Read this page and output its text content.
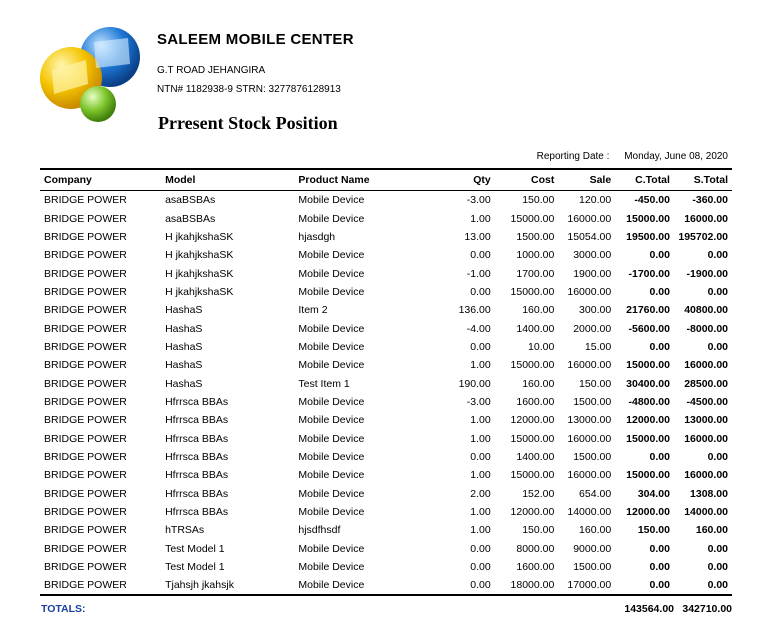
SALEEM MOBILE CENTER
G.T ROAD JEHANGIRA
NTN# 1182938-9 STRN: 3277876128913
Prresent Stock Position
Reporting Date : Monday, June 08, 2020
Company	Model	Product Name	Qty	Cost	Sale	C.Total	S.Total
BRIDGE POWER	asaBSBAs	Mobile Device	-3.00	150.00	120.00	-450.00	-360.00
BRIDGE POWER	asaBSBAs	Mobile Device	1.00	15000.00	16000.00	15000.00	16000.00
BRIDGE POWER	H jkahjkshaSK	hjasdgh	13.00	1500.00	15054.00	19500.00	195702.00
BRIDGE POWER	H jkahjkshaSK	Mobile Device	0.00	1000.00	3000.00	0.00	0.00
BRIDGE POWER	H jkahjkshaSK	Mobile Device	-1.00	1700.00	1900.00	-1700.00	-1900.00
BRIDGE POWER	H jkahjkshaSK	Mobile Device	0.00	15000.00	16000.00	0.00	0.00
BRIDGE POWER	HashaS	Item 2	136.00	160.00	300.00	21760.00	40800.00
BRIDGE POWER	HashaS	Mobile Device	-4.00	1400.00	2000.00	-5600.00	-8000.00
BRIDGE POWER	HashaS	Mobile Device	0.00	10.00	15.00	0.00	0.00
BRIDGE POWER	HashaS	Mobile Device	1.00	15000.00	16000.00	15000.00	16000.00
BRIDGE POWER	HashaS	Test Item 1	190.00	160.00	150.00	30400.00	28500.00
BRIDGE POWER	Hfrrsca BBAs	Mobile Device	-3.00	1600.00	1500.00	-4800.00	-4500.00
BRIDGE POWER	Hfrrsca BBAs	Mobile Device	1.00	12000.00	13000.00	12000.00	13000.00
BRIDGE POWER	Hfrrsca BBAs	Mobile Device	1.00	15000.00	16000.00	15000.00	16000.00
BRIDGE POWER	Hfrrsca BBAs	Mobile Device	0.00	1400.00	1500.00	0.00	0.00
BRIDGE POWER	Hfrrsca BBAs	Mobile Device	1.00	15000.00	16000.00	15000.00	16000.00
BRIDGE POWER	Hfrrsca BBAs	Mobile Device	2.00	152.00	654.00	304.00	1308.00
BRIDGE POWER	Hfrrsca BBAs	Mobile Device	1.00	12000.00	14000.00	12000.00	14000.00
BRIDGE POWER	hTRSAs	hjsdfhsdf	1.00	150.00	160.00	150.00	160.00
BRIDGE POWER	Test Model 1	Mobile Device	0.00	8000.00	9000.00	0.00	0.00
BRIDGE POWER	Test Model 1	Mobile Device	0.00	1600.00	1500.00	0.00	0.00
BRIDGE POWER	Tjahsjh jkahsjk	Mobile Device	0.00	18000.00	17000.00	0.00	0.00
TOTALS:	143564.00 342710.00
